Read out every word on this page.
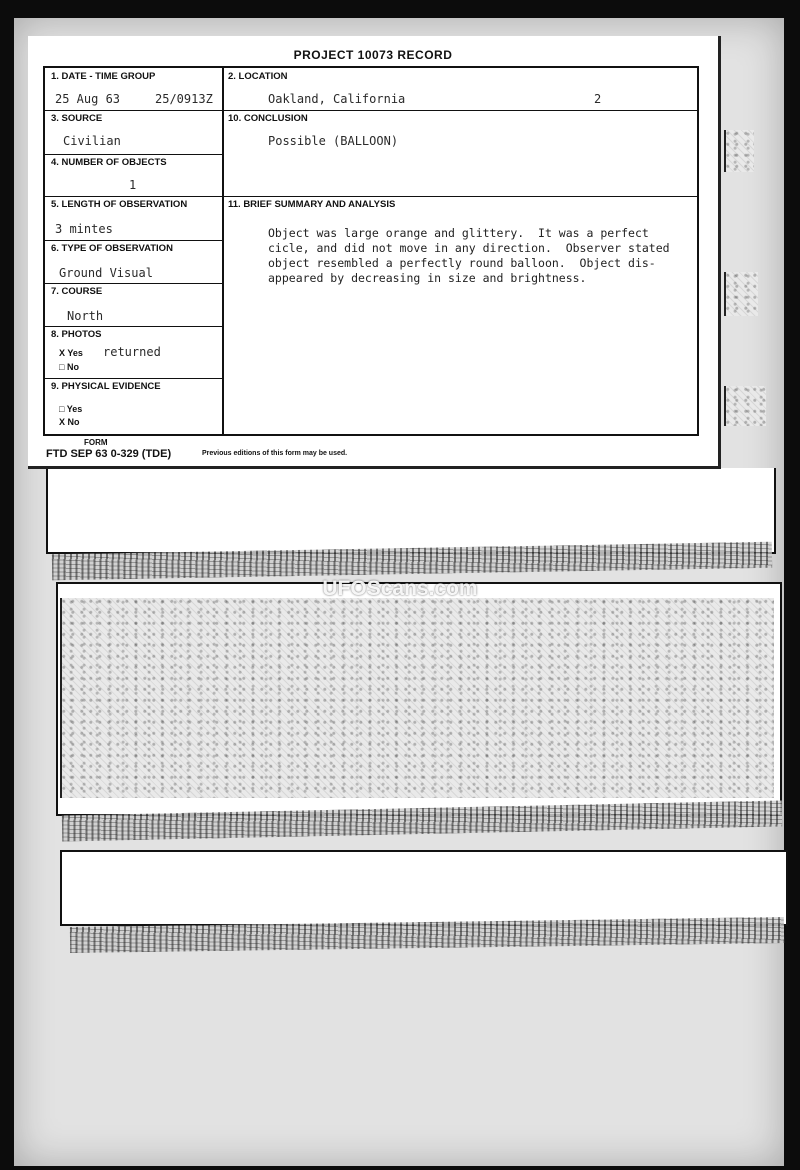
PROJECT 10073 RECORD
1. DATE - TIME GROUP
25 Aug 63	25/0913Z
2. LOCATION
Oakland, California	2
3. SOURCE
Civilian
10. CONCLUSION
Possible (BALLOON)
4. NUMBER OF OBJECTS
1
11. BRIEF SUMMARY AND ANALYSIS
Object was large orange and glittery.  It was a perfect
cicle, and did not move in any direction.  Observer stated
object resembled a perfectly round balloon.  Object dis-
appeared by decreasing in size and brightness.
5. LENGTH OF OBSERVATION
3 mintes
6. TYPE OF OBSERVATION
Ground Visual
7. COURSE
North
8. PHOTOS
X Yes returned
□ No
9. PHYSICAL EVIDENCE
□ Yes
X No
FORM
FTD SEP 63 0-329 (TDE)	Previous editions of this form may be used.
UFOScans.com
